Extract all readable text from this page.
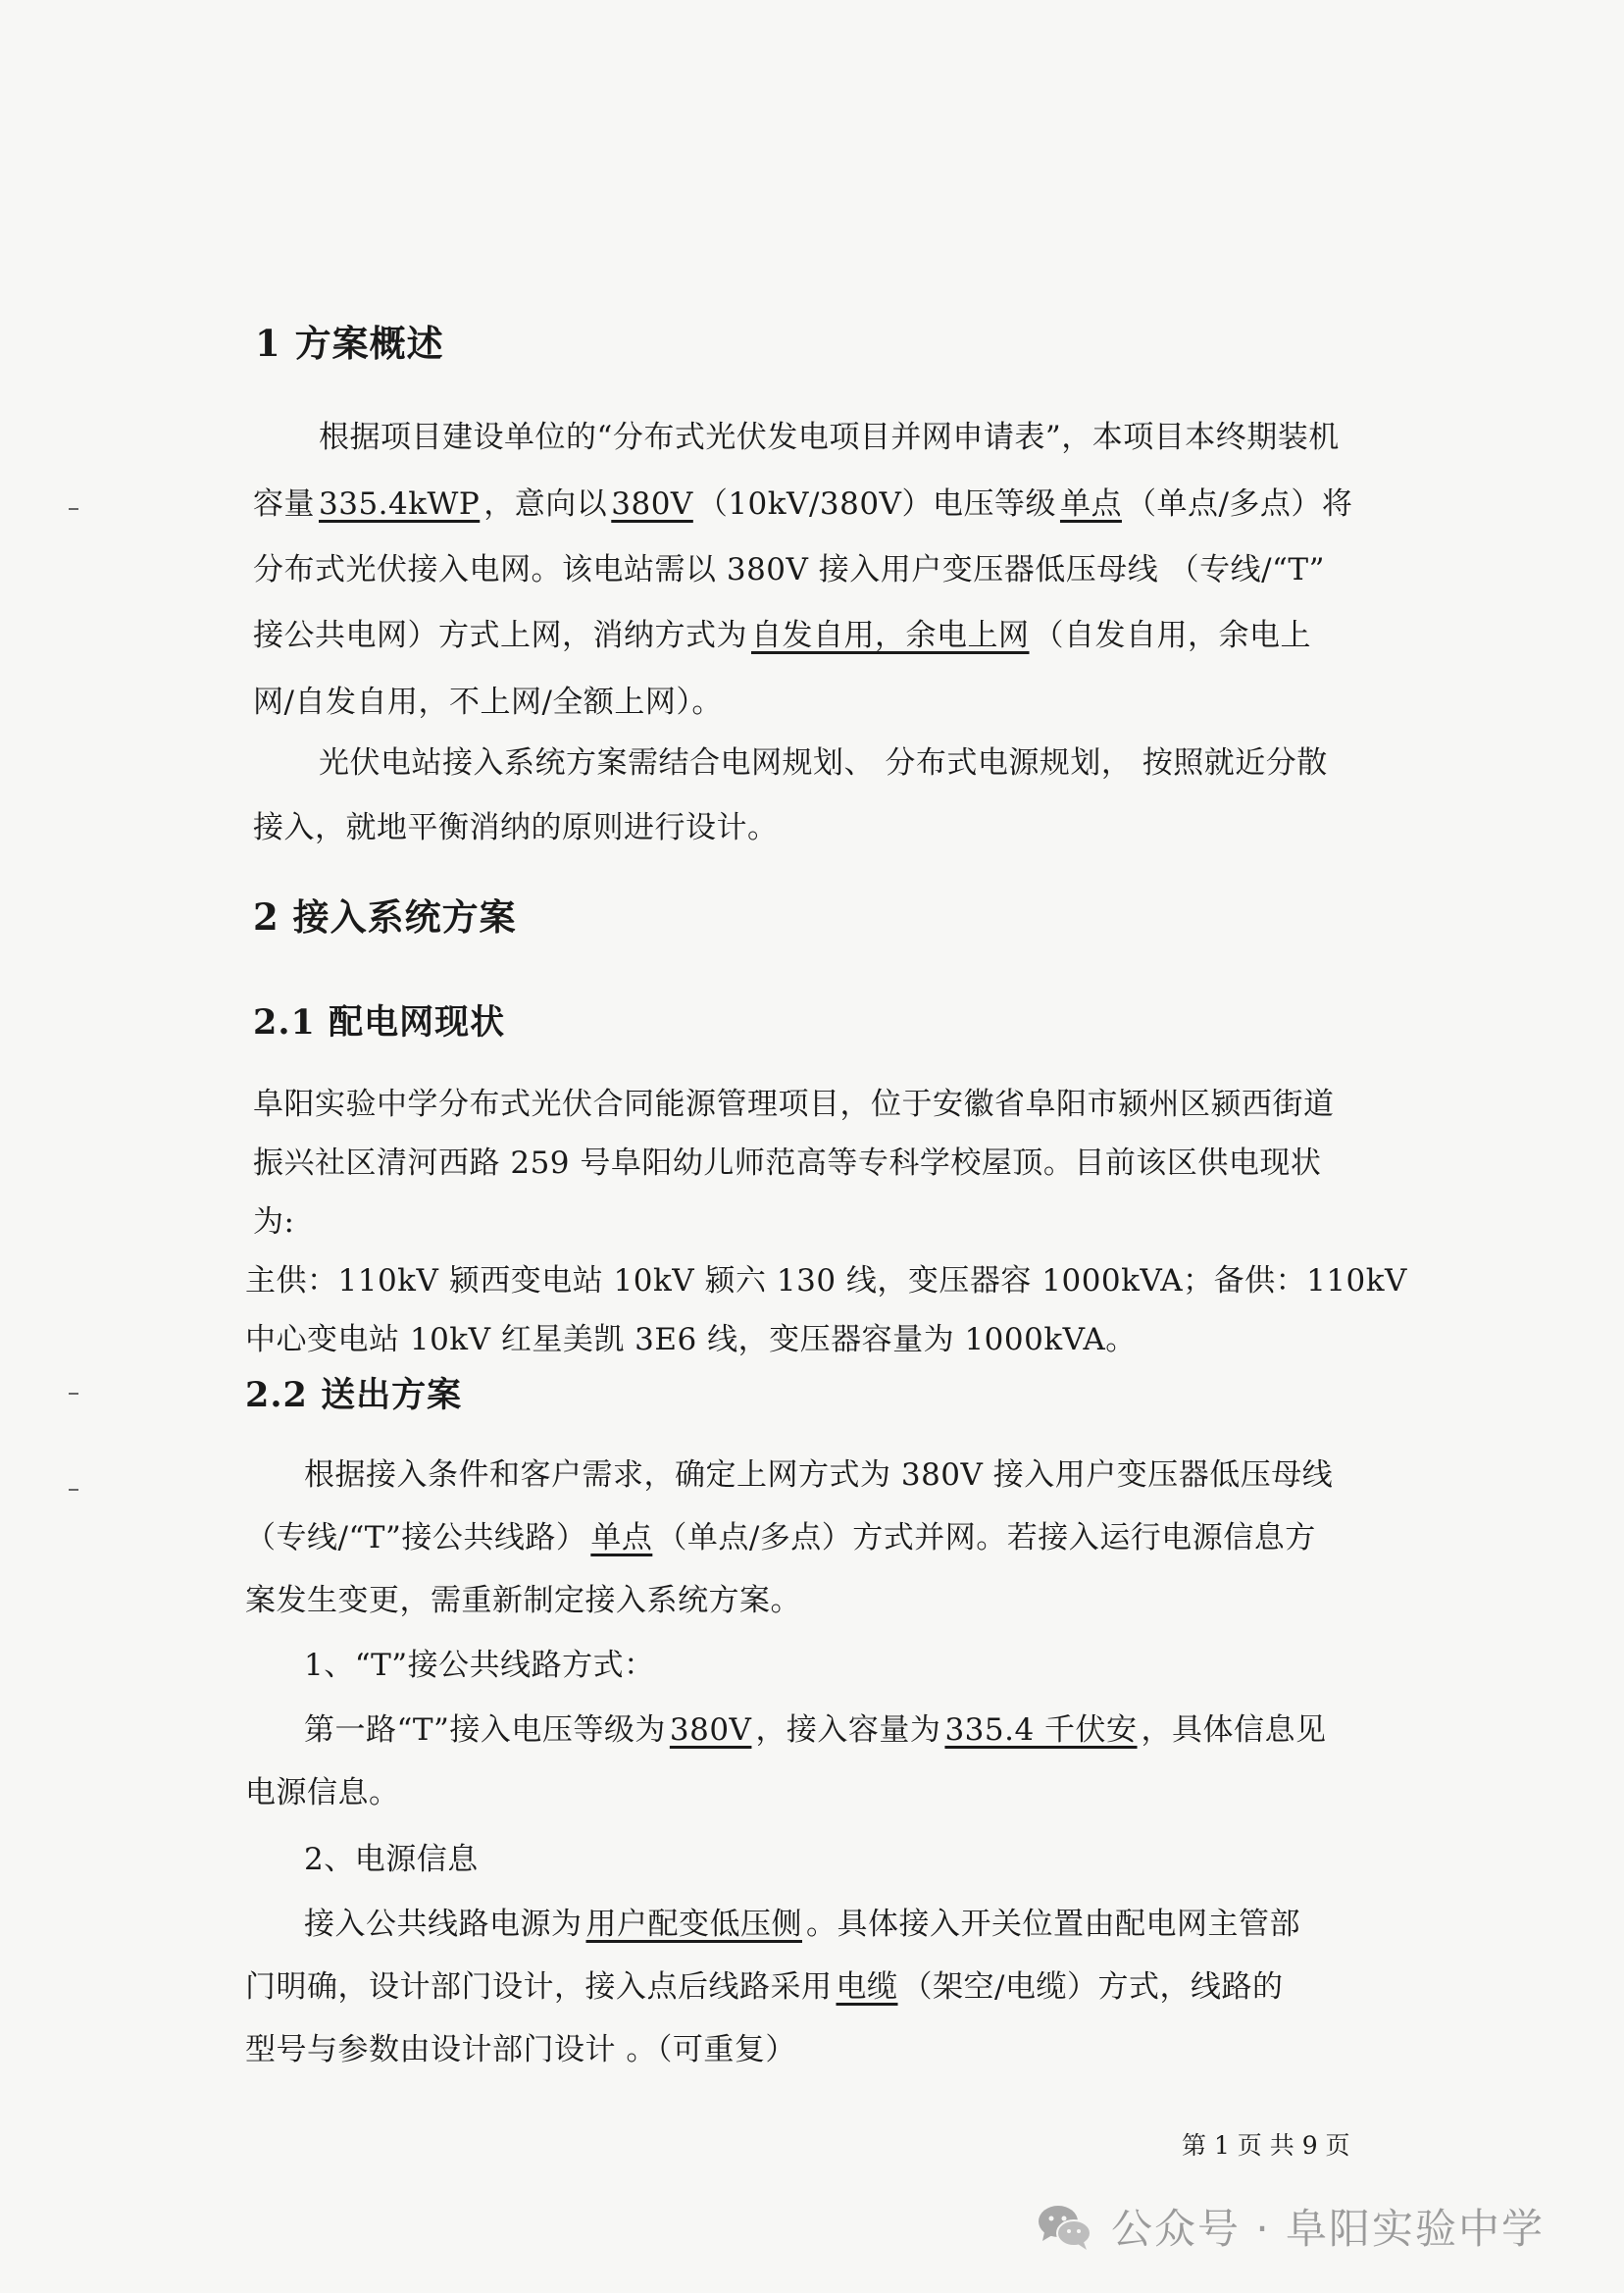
1 方案概述
根据项目建设单位的“分布式光伏发电项目并网申请表”，本项目本终期装机
容量 335.4kWP ，意向以 380V （10kV/380V）电压等级 单点 （单点/多点）将
分布式光伏接入电网。该电站需以 380V 接入用户变压器低压母线 （专线/“T”
接公共电网）方式上网，消纳方式为 自发自用，余电上网 （自发自用，余电上
网/自发自用，不上网/全额上网）。
光伏电站接入系统方案需结合电网规划、 分布式电源规划， 按照就近分散
接入，就地平衡消纳的原则进行设计。
2 接入系统方案
2.1 配电网现状
阜阳实验中学分布式光伏合同能源管理项目，位于安徽省阜阳市颍州区颍西街道
振兴社区清河西路 259 号阜阳幼儿师范高等专科学校屋顶。目前该区供电现状
为:
主供：110kV 颍西变电站 10kV 颍六 130 线，变压器容 1000kVA；备供：110kV
中心变电站 10kV 红星美凯 3E6 线，变压器容量为 1000kVA。
2.2 送出方案
根据接入条件和客户需求，确定上网方式为 380V 接入用户变压器低压母线
（专线/“T”接公共线路） 单点 （单点/多点）方式并网。若接入运行电源信息方
案发生变更，需重新制定接入系统方案。
1、“T”接公共线路方式：
第一路“T”接入电压等级为 380V ，接入容量为 335.4 千伏安 ，具体信息见
电源信息。
2、电源信息
接入公共线路电源为 用户配变低压侧 。具体接入开关位置由配电网主管部
门明确，设计部门设计，接入点后线路采用 电缆 （架空/电缆）方式，线路的
型号与参数由设计部门设计 。（可重复）
第 1 页 共 9 页
公众号 · 阜阳实验中学
